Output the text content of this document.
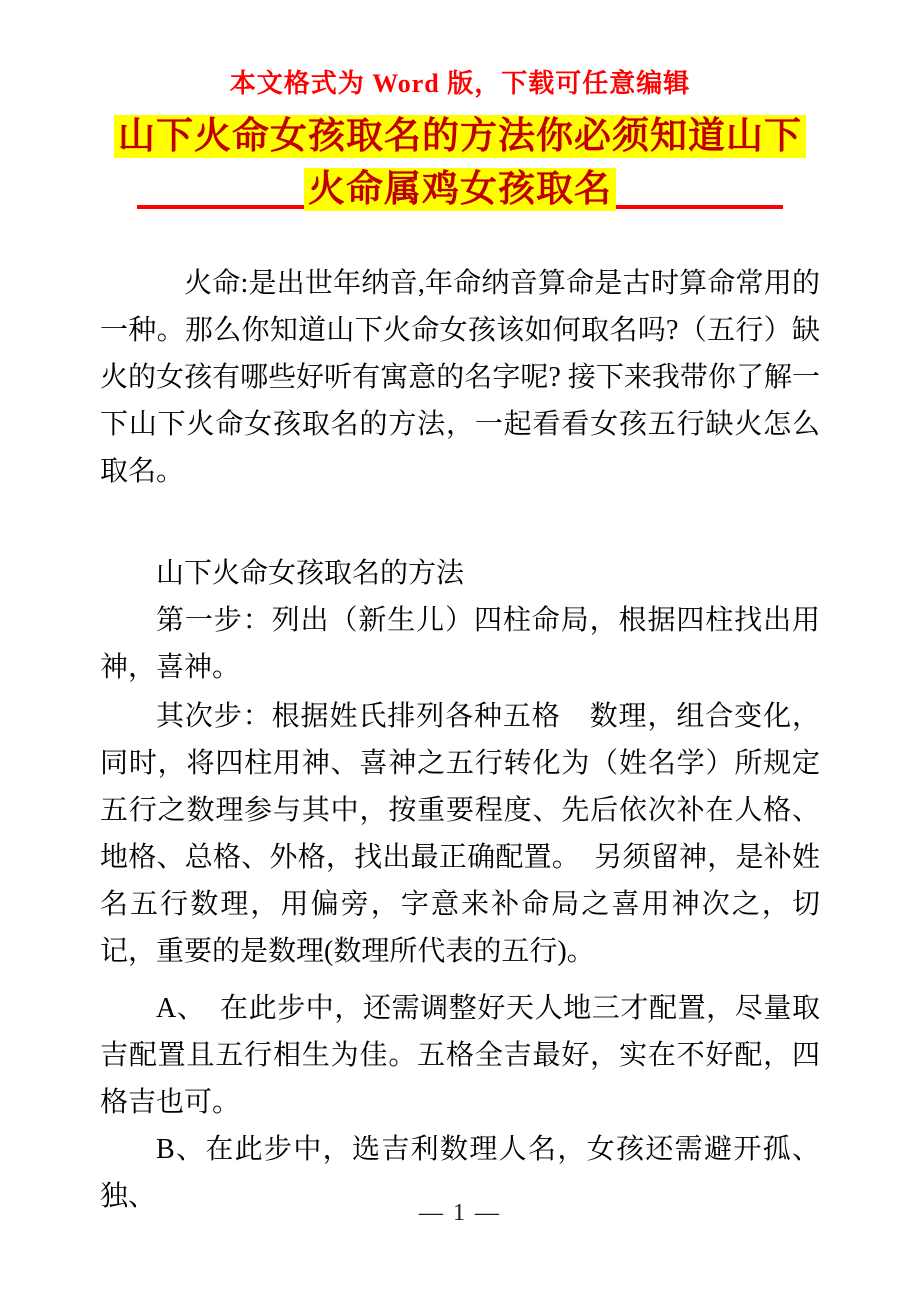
本文格式为 Word 版，下载可任意编辑

山下火命女孩取名的方法你必须知道山下
火命属鸡女孩取名

火命:是出世年纳音,年命纳音算命是古时算命常用的一种。那么你知道山下火命女孩该如何取名吗?（五行）缺火的女孩有哪些好听有寓意的名字呢? 接下来我带你了解一下山下火命女孩取名的方法，一起看看女孩五行缺火怎么取名。

山下火命女孩取名的方法

第一步：列出（新生儿）四柱命局，根据四柱找出用神，喜神。

其次步：根据姓氏排列各种五格　数理，组合变化，同时，将四柱用神、喜神之五行转化为（姓名学）所规定五行之数理参与其中，按重要程度、先后依次补在人格、地格、总格、外格，找出最正确配置。　另须留神，是补姓名五行数理，用偏旁，字意来补命局之喜用神次之，切记，重要的是数理(数理所代表的五行)。

A、　在此步中，还需调整好天人地三才配置，尽量取吉配置且五行相生为佳。五格全吉最好，实在不好配，四格吉也可。

B、在此步中，选吉利数理人名，女孩还需避开孤、独、

— 1 —
